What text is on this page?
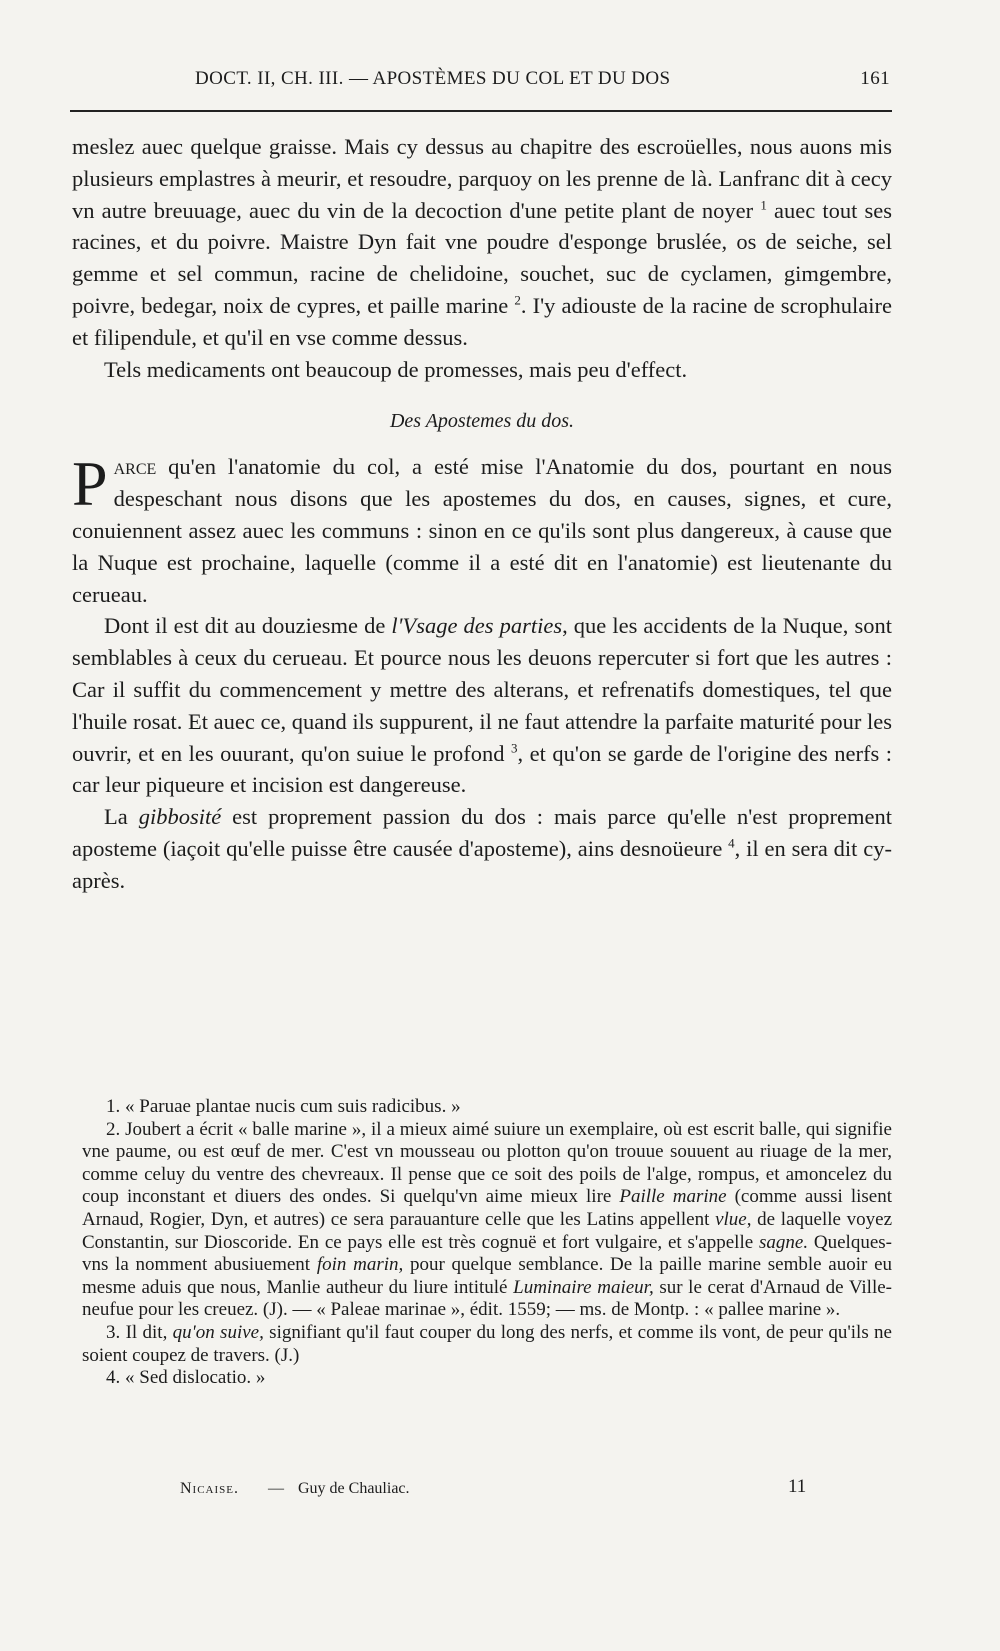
DOCT. II, CH. III. — APOSTÈMES DU COL ET DU DOS	161

meslez auec quelque graisse. Mais cy dessus au chapitre des escroüelles, nous auons mis plusieurs emplastres à meurir, et resoudre, parquoy on les prenne de là. Lanfranc dit à cecy vn autre breuuage, auec du vin de la decoction d'une petite plant de noyer $^1$ auec tout ses racines, et du poivre. Maistre Dyn fait vne poudre d'esponge bruslée, os de seiche, sel gemme et sel commun, racine de chelidoine, souchet, suc de cyclamen, gimgembre, poivre, bedegar, noix de cypres, et paille marine $^2$. I'y adiouste de la racine de scrophulaire et filipendule, et qu'il en vse comme dessus.

Tels medicaments ont beaucoup de promesses, mais peu d'effect.

Des Apostemes du dos.

Parce qu'en l'anatomie du col, a esté mise l'Anatomie du dos, pourtant en nous despeschant nous disons que les apostemes du dos, en causes, signes, et cure, conuiennent assez auec les communs : sinon en ce qu'ils sont plus dangereux, à cause que la Nuque est prochaine, laquelle (comme il a esté dit en l'anatomie) est lieutenante du cerueau.

Dont il est dit au douziesme de l'Vsage des parties, que les accidents de la Nuque, sont semblables à ceux du cerueau. Et pource nous les deuons repercuter si fort que les autres : Car il suffit du commencement y mettre des alterans, et refrenatifs domestiques, tel que l'huile rosat. Et auec ce, quand ils suppurent, il ne faut attendre la parfaite maturité pour les ouvrir, et en les ouurant, qu'on suiue le profond $^3$, et qu'on se garde de l'origine des nerfs : car leur piqueure et incision est dangereuse.

La gibbosité est proprement passion du dos : mais parce qu'elle n'est proprement aposteme (iaçoit qu'elle puisse être causée d'aposteme), ains desnoüeure $^4$, il en sera dit cy-après.

1. « Paruae plantae nucis cum suis radicibus. »

2. Joubert a écrit « balle marine », il a mieux aimé suiure un exemplaire, où est escrit balle, qui signifie vne paume, ou est œuf de mer. C'est vn mousseau ou plotton qu'on trouue souuent au riuage de la mer, comme celuy du ventre des chevreaux. Il pense que ce soit des poils de l'alge, rompus, et amoncelez du coup inconstant et diuers des ondes. Si quelqu'vn aime mieux lire Paille marine (comme aussi lisent Arnaud, Rogier, Dyn, et autres) ce sera parauanture celle que les Latins appellent vlue, de laquelle voyez Constantin, sur Dioscoride. En ce pays elle est très cognuë et fort vulgaire, et s'appelle sagne. Quelques-vns la nomment abusiuement foin marin, pour quelque semblance. De la paille marine semble auoir eu mesme aduis que nous, Manlie autheur du liure intitulé Luminaire maieur, sur le cerat d'Arnaud de Ville-neufue pour les creuez. (J). — « Paleae marinae », édit. 1559; — ms. de Montp. : « pallee marine ».

3. Il dit, qu'on suive, signifiant qu'il faut couper du long des nerfs, et comme ils vont, de peur qu'ils ne soient coupez de travers. (J.)

4. « Sed dislocatio. »

Nicaise. — Guy de Chauliac.	11
